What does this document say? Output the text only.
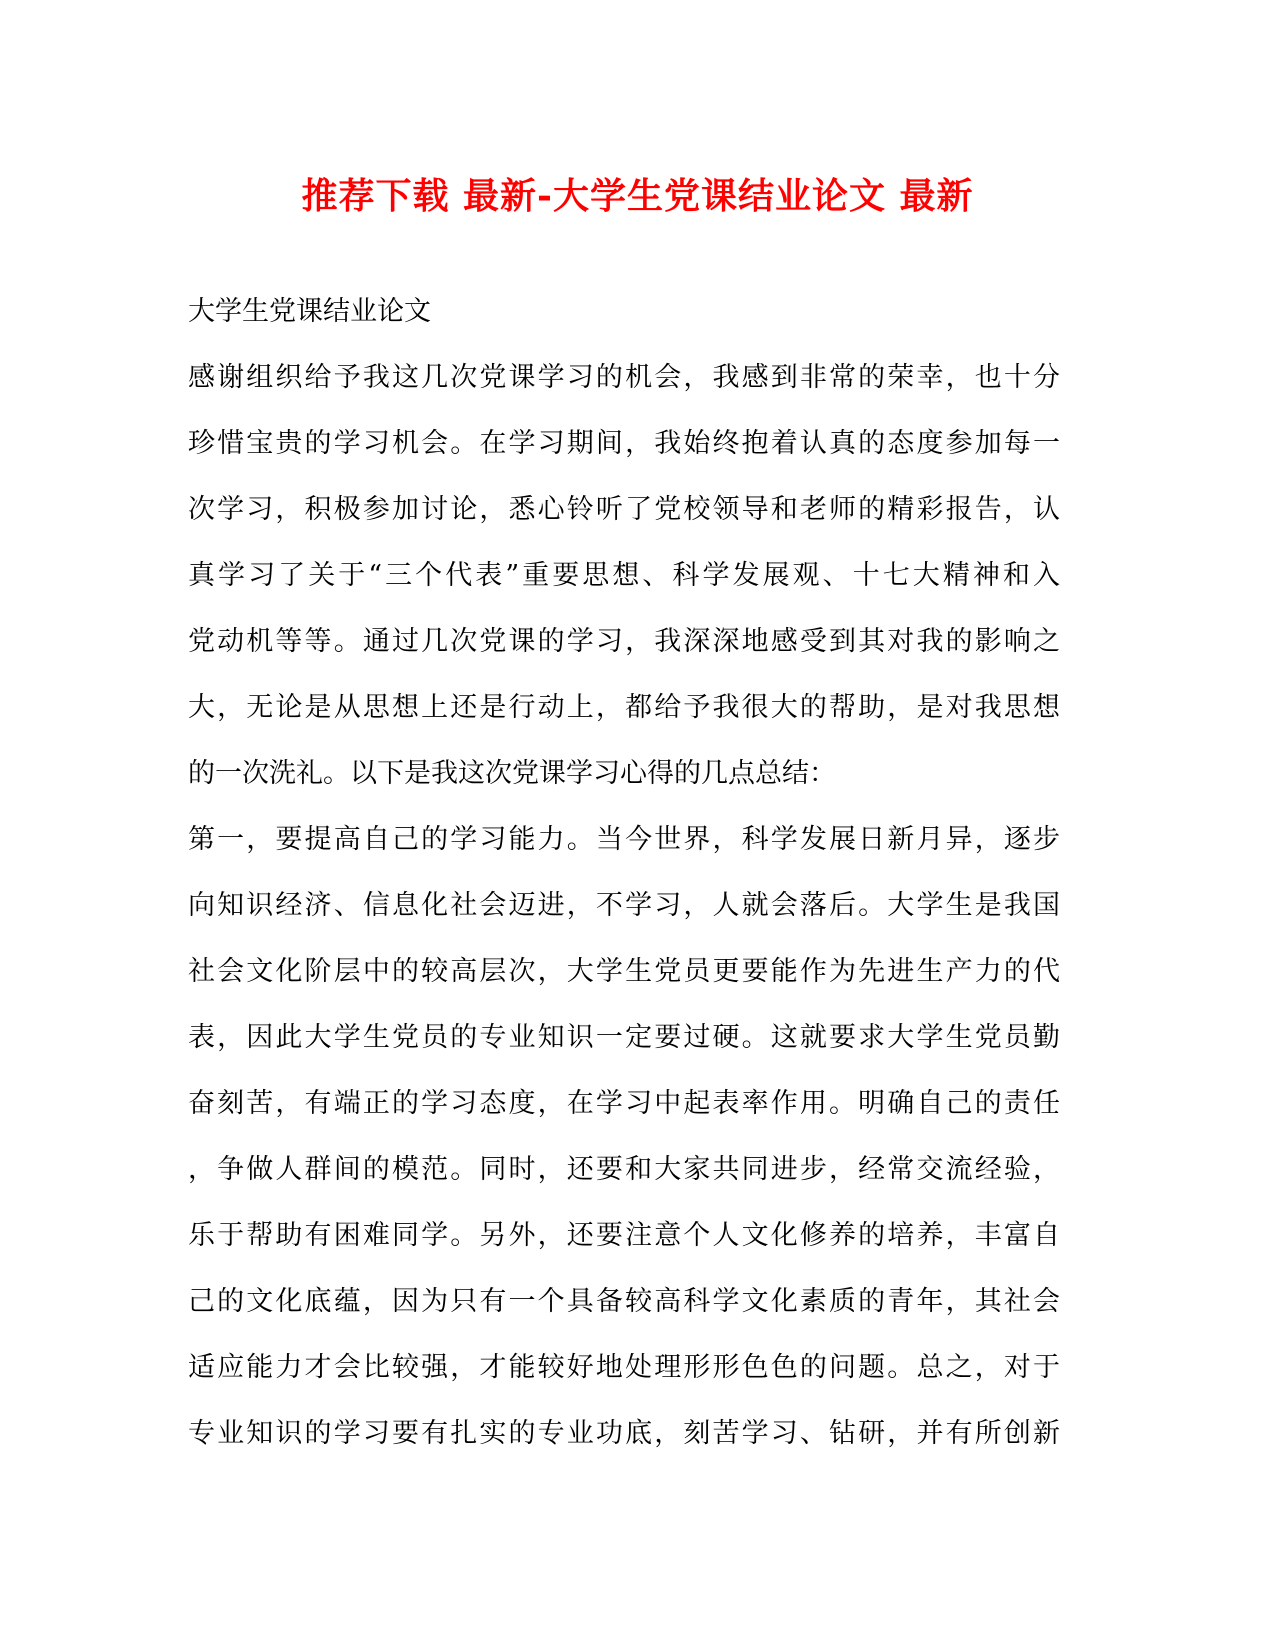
推荐下载 最新-大学生党课结业论文 最新
大学生党课结业论文
感谢组织给予我这几次党课学习的机会，我感到非常的荣幸，也十分
珍惜宝贵的学习机会。在学习期间，我始终抱着认真的态度参加每一
次学习，积极参加讨论，悉心铃听了党校领导和老师的精彩报告，认
真学习了关于“三个代表”重要思想、科学发展观、十七大精神和入
党动机等等。通过几次党课的学习，我深深地感受到其对我的影响之
大，无论是从思想上还是行动上，都给予我很大的帮助，是对我思想
的一次洗礼。以下是我这次党课学习心得的几点总结：
第一，要提高自己的学习能力。当今世界，科学发展日新月异，逐步
向知识经济、信息化社会迈进，不学习，人就会落后。大学生是我国
社会文化阶层中的较高层次，大学生党员更要能作为先进生产力的代
表，因此大学生党员的专业知识一定要过硬。这就要求大学生党员勤
奋刻苦，有端正的学习态度，在学习中起表率作用。明确自己的责任
，争做人群间的模范。同时，还要和大家共同进步，经常交流经验，
乐于帮助有困难同学。另外，还要注意个人文化修养的培养，丰富自
己的文化底蕴，因为只有一个具备较高科学文化素质的青年，其社会
适应能力才会比较强，才能较好地处理形形色色的问题。总之，对于
专业知识的学习要有扎实的专业功底，刻苦学习、钻研，并有所创新
